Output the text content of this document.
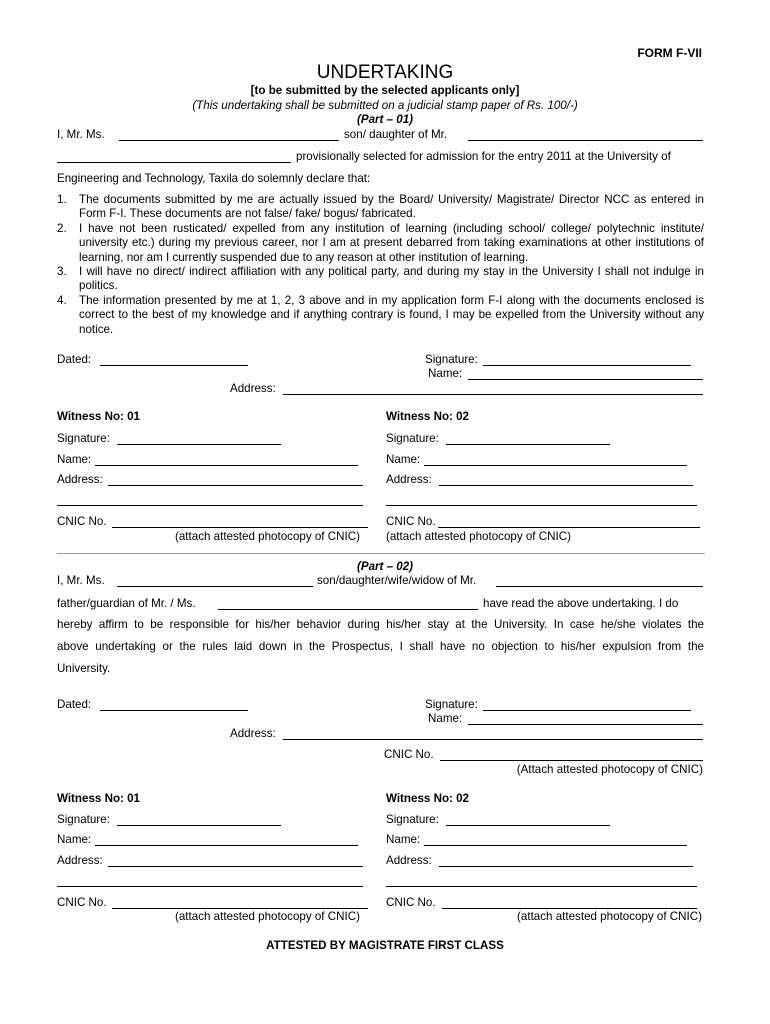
FORM F-VII
UNDERTAKING
[to be submitted by the selected applicants only]
(This undertaking shall be submitted on a judicial stamp paper of Rs. 100/-)
(Part – 01)
I, Mr. Ms.	son/ daughter of Mr.
provisionally selected for admission for the entry 2011 at the University of
Engineering and Technology, Taxila do solemnly declare that:
1. The documents submitted by me are actually issued by the Board/ University/ Magistrate/ Director NCC as entered in Form F-I. These documents are not false/ fake/ bogus/ fabricated.
2. I have not been rusticated/ expelled from any institution of learning (including school/ college/ polytechnic institute/ university etc.) during my previous career, nor I am at present debarred from taking examinations at other institutions of learning, nor am I currently suspended due to any reason at other institution of learning.
3. I will have no direct/ indirect affiliation with any political party, and during my stay in the University I shall not indulge in politics.
4. The information presented by me at 1, 2, 3 above and in my application form F-I along with the documents enclosed is correct to the best of my knowledge and if anything contrary is found, I may be expelled from the University without any notice.
Dated:	Signature:
Name:
Address:
Witness No: 01	Witness No: 02
Signature:	Signature:
Name:	Name:
Address:	Address:
CNIC No.	CNIC No.
(attach attested photocopy of CNIC) (attach attested photocopy of CNIC)
(Part – 02)
I, Mr. Ms.	son/daughter/wife/widow of Mr.
father/guardian of Mr. / Ms.	have read the above undertaking. I do
hereby affirm to be responsible for his/her behavior during his/her stay at the University. In case he/she violates the
above undertaking or the rules laid down in the Prospectus, I shall have no objection to his/her expulsion from the
University.
Dated:	Signature:
Name:
Address:
CNIC No.
(Attach attested photocopy of CNIC)
Witness No: 01	Witness No: 02
Signature:	Signature:
Name:	Name:
Address:	Address:
CNIC No.	CNIC No.
(attach attested photocopy of CNIC)	(attach attested photocopy of CNIC)
ATTESTED BY MAGISTRATE FIRST CLASS
